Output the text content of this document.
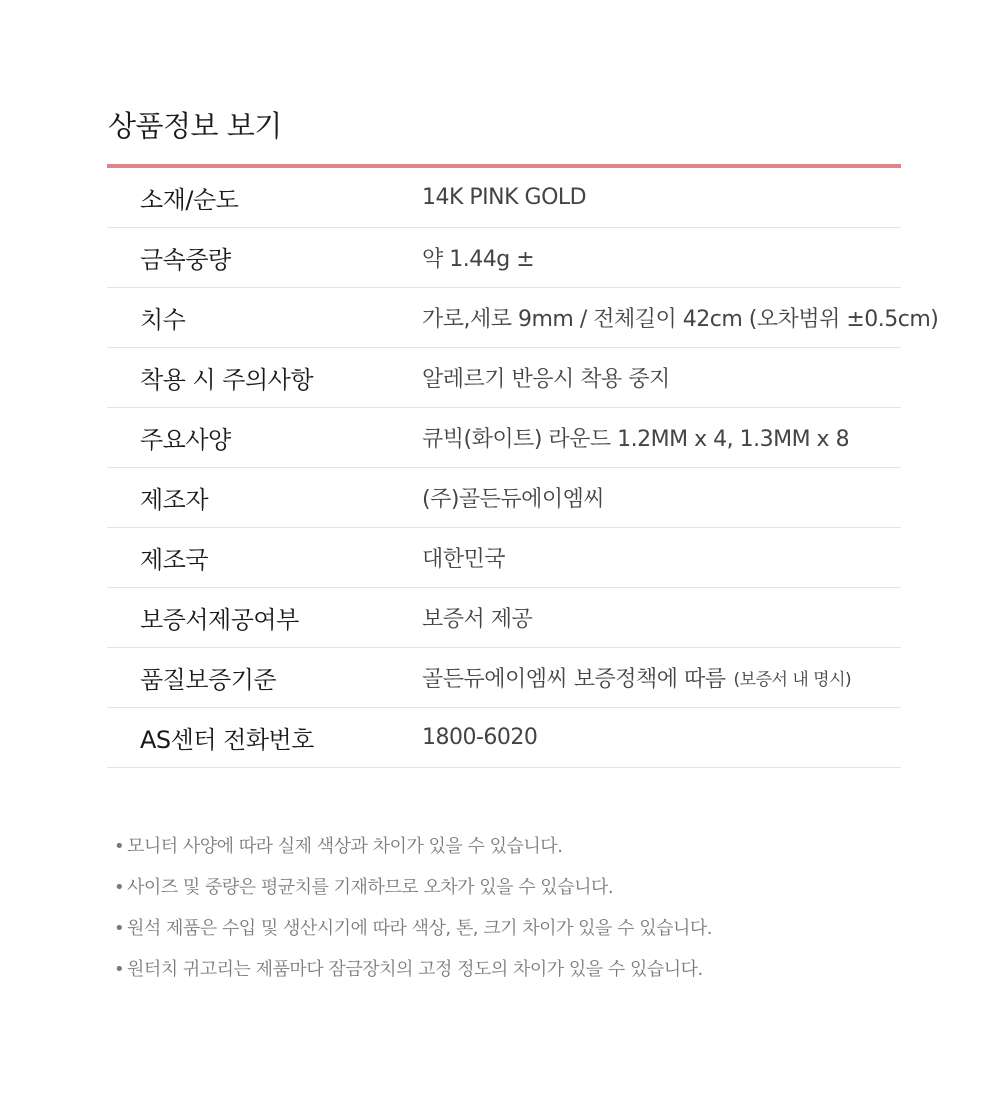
상품정보 보기
소재/순도	14K PINK GOLD
금속중량	약 1.44g ±
치수	가로,세로 9mm / 전체길이 42cm (오차범위 ±0.5cm)
착용 시 주의사항	알레르기 반응시 착용 중지
주요사양	큐빅(화이트) 라운드 1.2MM x 4, 1.3MM x 8
제조자	(주)골든듀에이엠씨
제조국	대한민국
보증서제공여부	보증서 제공
품질보증기준	골든듀에이엠씨 보증정책에 따름 (보증서 내 명시)
AS센터 전화번호	1800-6020
• 모니터 사양에 따라 실제 색상과 차이가 있을 수 있습니다.
• 사이즈 및 중량은 평균치를 기재하므로 오차가 있을 수 있습니다.
• 원석 제품은 수입 및 생산시기에 따라 색상, 톤, 크기 차이가 있을 수 있습니다.
• 원터치 귀고리는 제품마다 잠금장치의 고정 정도의 차이가 있을 수 있습니다.
